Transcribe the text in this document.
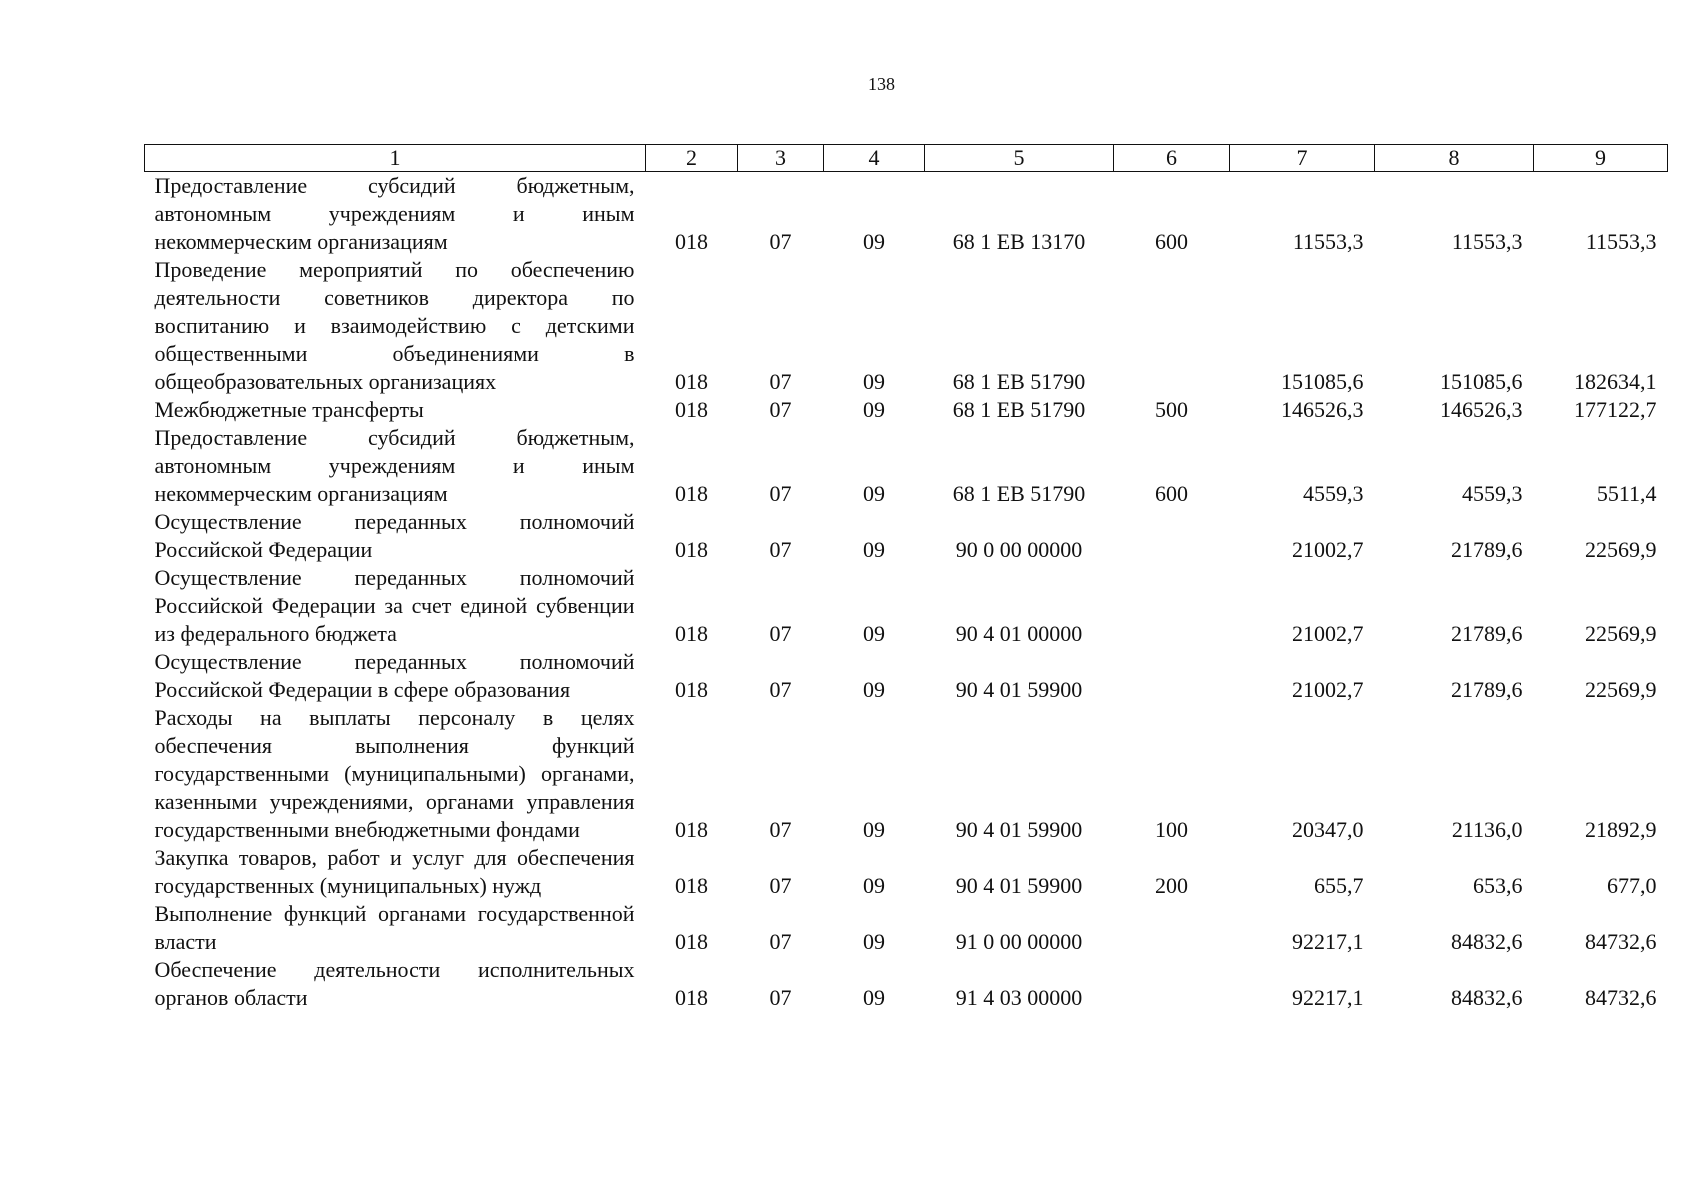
138
1	2	3	4	5	6	7	8	9
Предоставление субсидий бюджетным, автономным учреждениям и иным некоммерческим организациям	018	07	09	68 1 ЕВ 13170	600	11553,3	11553,3	11553,3
Проведение мероприятий по обеспечению деятельности советников директора по воспитанию и взаимодействию с детскими общественными объединениями в общеобразовательных организациях	018	07	09	68 1 ЕВ 51790		151085,6	151085,6	182634,1
Межбюджетные трансферты	018	07	09	68 1 ЕВ 51790	500	146526,3	146526,3	177122,7
Предоставление субсидий бюджетным, автономным учреждениям и иным некоммерческим организациям	018	07	09	68 1 ЕВ 51790	600	4559,3	4559,3	5511,4
Осуществление переданных полномочий Российской Федерации	018	07	09	90 0 00 00000		21002,7	21789,6	22569,9
Осуществление переданных полномочий Российской Федерации за счет единой субвенции из федерального бюджета	018	07	09	90 4 01 00000		21002,7	21789,6	22569,9
Осуществление переданных полномочий Российской Федерации в сфере образования	018	07	09	90 4 01 59900		21002,7	21789,6	22569,9
Расходы на выплаты персоналу в целях обеспечения выполнения функций государственными (муниципальными) органами, казенными учреждениями, органами управления государственными внебюджетными фондами	018	07	09	90 4 01 59900	100	20347,0	21136,0	21892,9
Закупка товаров, работ и услуг для обеспечения государственных (муниципальных) нужд	018	07	09	90 4 01 59900	200	655,7	653,6	677,0
Выполнение функций органами государственной власти	018	07	09	91 0 00 00000		92217,1	84832,6	84732,6
Обеспечение деятельности исполнительных органов области	018	07	09	91 4 03 00000		92217,1	84832,6	84732,6
